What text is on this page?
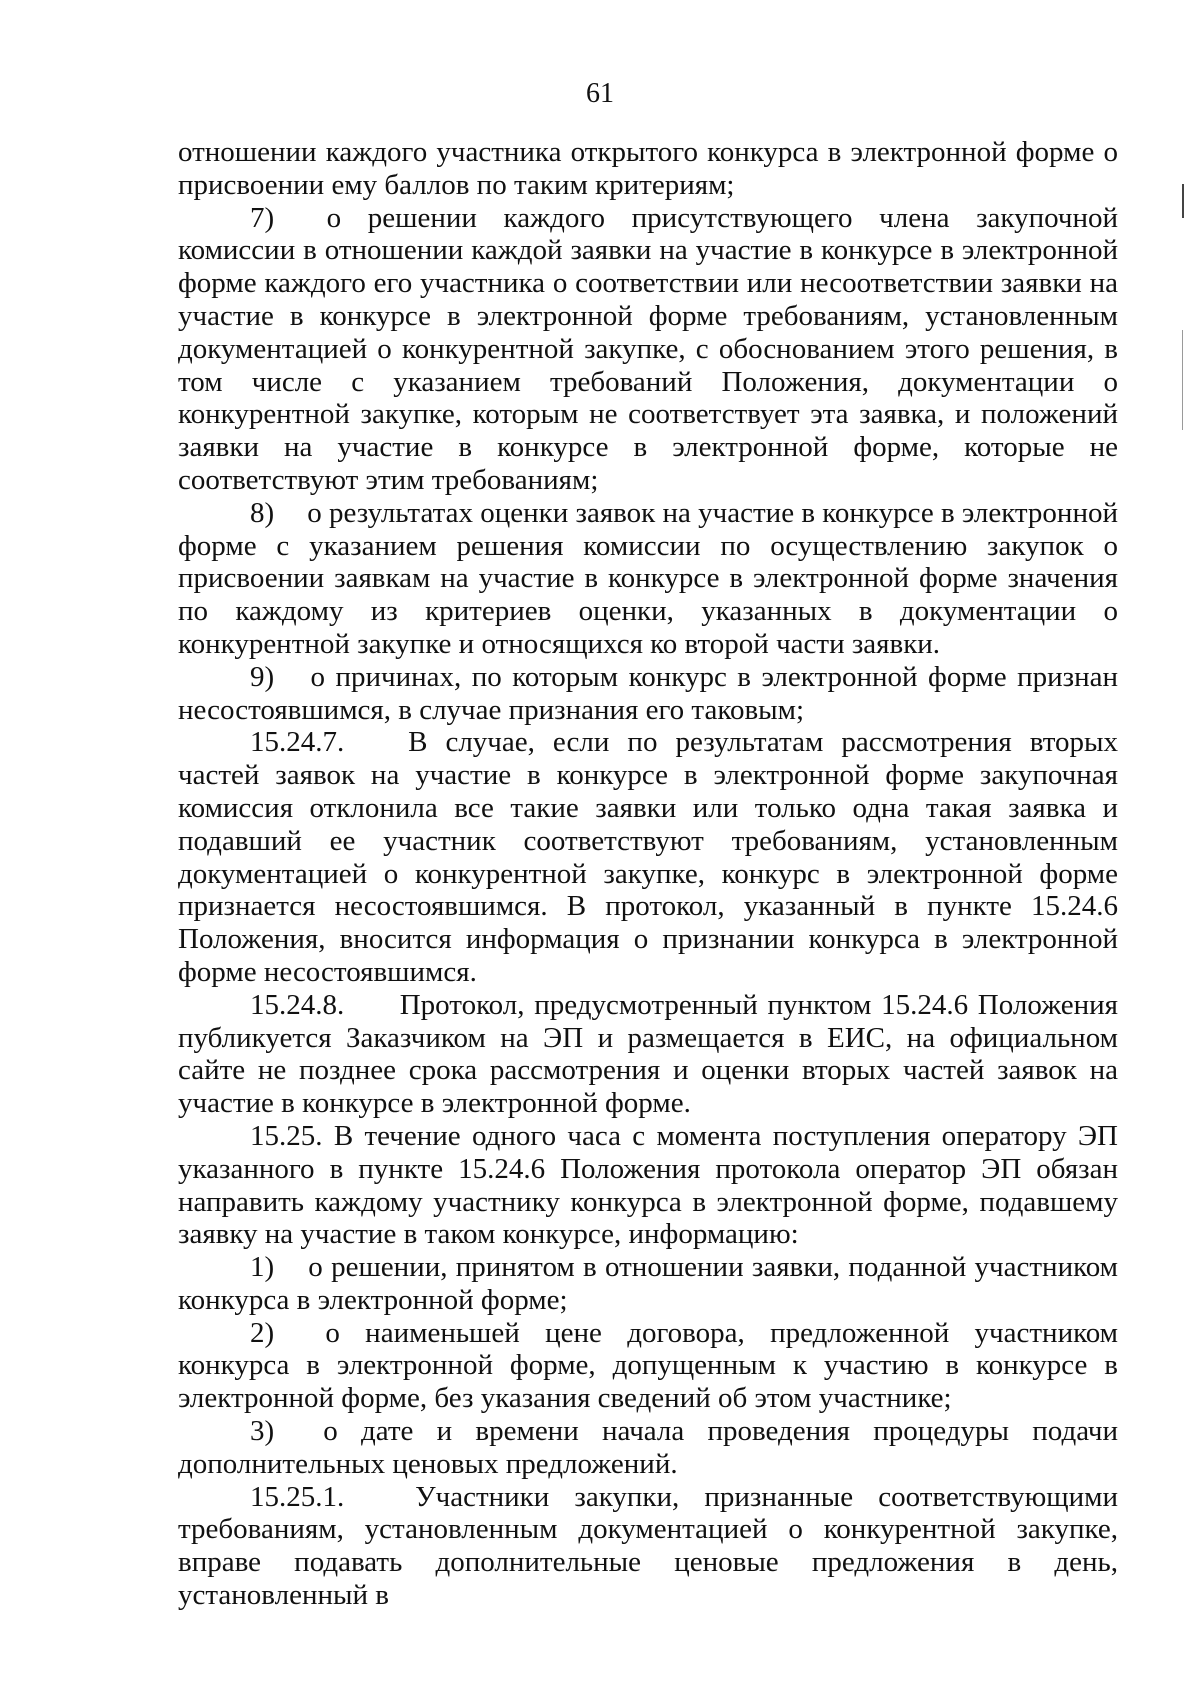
61

отношении каждого участника открытого конкурса в электронной форме о присвоении ему баллов по таким критериям;

7) о решении каждого присутствующего члена закупочной комиссии в отношении каждой заявки на участие в конкурсе в электронной форме каждого его участника о соответствии или несоответствии заявки на участие в конкурсе в электронной форме требованиям, установленным документацией о конкурентной закупке, с обоснованием этого решения, в том числе с указанием требований Положения, документации о конкурентной закупке, которым не соответствует эта заявка, и положений заявки на участие в конкурсе в электронной форме, которые не соответствуют этим требованиям;

8) о результатах оценки заявок на участие в конкурсе в электронной форме с указанием решения комиссии по осуществлению закупок о присвоении заявкам на участие в конкурсе в электронной форме значения по каждому из критериев оценки, указанных в документации о конкурентной закупке и относящихся ко второй части заявки.

9) о причинах, по которым конкурс в электронной форме признан несостоявшимся, в случае признания его таковым;

15.24.7. В случае, если по результатам рассмотрения вторых частей заявок на участие в конкурсе в электронной форме закупочная комиссия отклонила все такие заявки или только одна такая заявка и подавший ее участник соответствуют требованиям, установленным документацией о конкурентной закупке, конкурс в электронной форме признается несостоявшимся. В протокол, указанный в пункте 15.24.6 Положения, вносится информация о признании конкурса в электронной форме несостоявшимся.

15.24.8. Протокол, предусмотренный пунктом 15.24.6 Положения публикуется Заказчиком на ЭП и размещается в ЕИС, на официальном сайте не позднее срока рассмотрения и оценки вторых частей заявок на участие в конкурсе в электронной форме.

15.25. В течение одного часа с момента поступления оператору ЭП указанного в пункте 15.24.6 Положения протокола оператор ЭП обязан направить каждому участнику конкурса в электронной форме, подавшему заявку на участие в таком конкурсе, информацию:

1) о решении, принятом в отношении заявки, поданной участником конкурса в электронной форме;

2) о наименьшей цене договора, предложенной участником конкурса в электронной форме, допущенным к участию в конкурсе в электронной форме, без указания сведений об этом участнике;

3) о дате и времени начала проведения процедуры подачи дополнительных ценовых предложений.

15.25.1. Участники закупки, признанные соответствующими требованиям, установленным документацией о конкурентной закупке, вправе подавать дополнительные ценовые предложения в день, установленный в
